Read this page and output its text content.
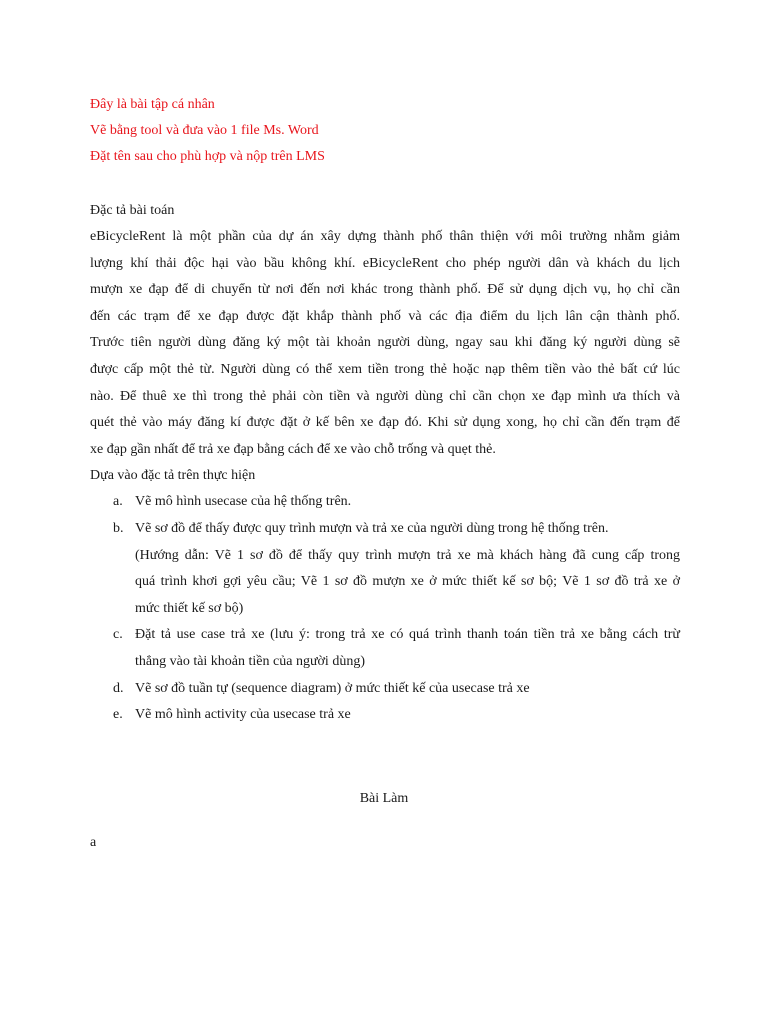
Đây là bài tập cá nhân
Vẽ bằng tool và đưa vào 1 file Ms. Word
Đặt tên sau cho phù hợp và nộp trên LMS
Đặc tả bài toán

eBicycleRent là một phần của dự án xây dựng thành phố thân thiện với môi trường nhằm giảm
lượng khí thải độc hại vào bầu không khí. eBicycleRent cho phép người dân và khách du lịch
mượn xe đạp để di chuyển từ nơi đến nơi khác trong thành phố. Để sử dụng dịch vụ, họ chỉ cần
đến các trạm để xe đạp được đặt khắp thành phố và các địa điểm du lịch lân cận thành phố.
Trước tiên người dùng đăng ký một tài khoản người dùng, ngay sau khi đăng ký người dùng sẽ
được cấp một thẻ từ. Người dùng có thể xem tiền trong thẻ hoặc nạp thêm tiền vào thẻ bất cứ lúc
nào. Để thuê xe thì trong thẻ phải còn tiền và người dùng chỉ cần chọn xe đạp mình ưa thích và
quét thẻ vào máy đăng kí được đặt ở kế bên xe đạp đó. Khi sử dụng xong, họ chỉ cần đến trạm để
xe đạp gần nhất để trả xe đạp bằng cách để xe vào chỗ trống và quẹt thẻ.

Dựa vào đặc tả trên thực hiện
a. Vẽ mô hình usecase của hệ thống trên.
b. Vẽ sơ đồ để thấy được quy trình mượn và trả xe của người dùng trong hệ thống trên.
(Hướng dẫn: Vẽ 1 sơ đồ để thấy quy trình mượn trả xe mà khách hàng đã cung cấp trong
quá trình khơi gợi yêu cầu; Vẽ 1 sơ đồ mượn xe ở mức thiết kế sơ bộ; Vẽ 1 sơ đồ trả xe ở
mức thiết kế sơ bộ)
c. Đặt tả use case trả xe (lưu ý: trong trả xe có quá trình thanh toán tiền trả xe bằng cách trừ
thẳng vào tài khoản tiền của người dùng)
d. Vẽ sơ đồ tuần tự (sequence diagram) ở mức thiết kế của usecase trả xe
e. Vẽ mô hình activity của usecase trả xe
Bài Làm
a
